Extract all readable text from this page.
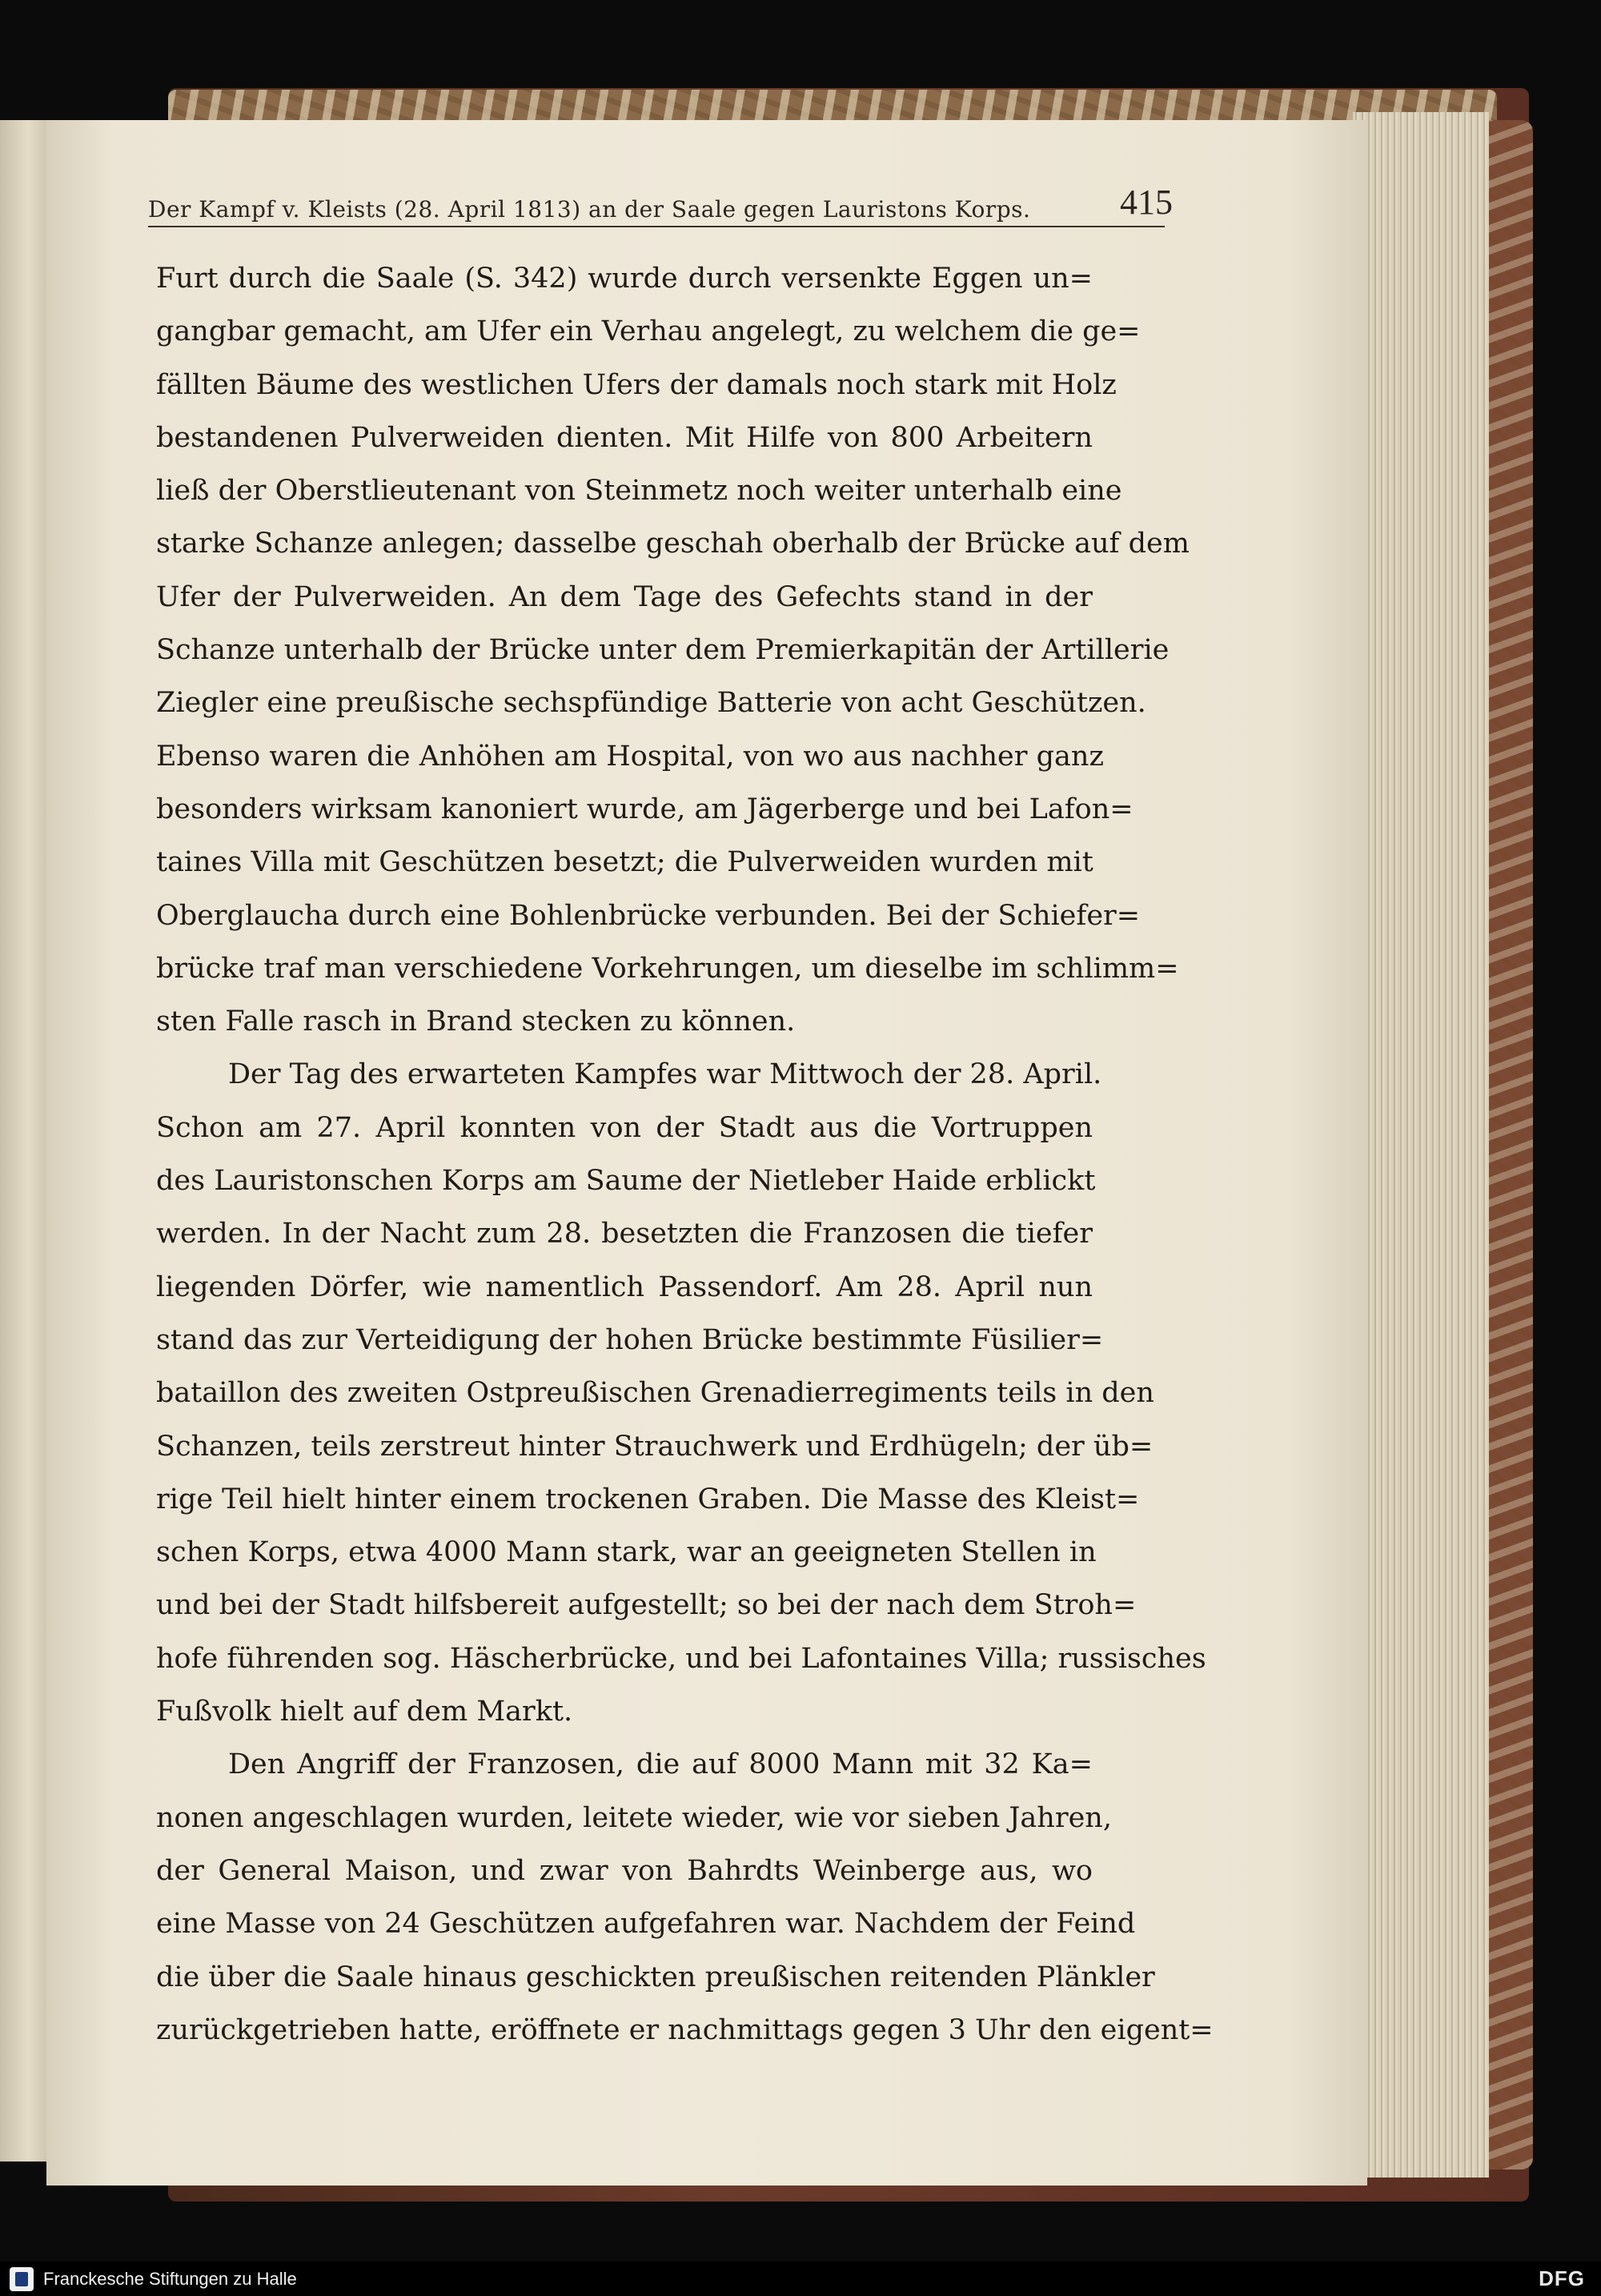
Der Kampf v. Kleists (28. April 1813) an der Saale gegen Lauristons Korps.	415
Furt durch die Saale (S. 342) wurde durch versenkte Eggen un=
gangbar gemacht, am Ufer ein Verhau angelegt, zu welchem die ge=
fällten Bäume des westlichen Ufers der damals noch stark mit Holz
bestandenen Pulverweiden dienten. Mit Hilfe von 800 Arbeitern
ließ der Oberstlieutenant von Steinmetz noch weiter unterhalb eine
starke Schanze anlegen; dasselbe geschah oberhalb der Brücke auf dem
Ufer der Pulverweiden. An dem Tage des Gefechts stand in der
Schanze unterhalb der Brücke unter dem Premierkapitän der Artillerie
Ziegler eine preußische sechspfündige Batterie von acht Geschützen.
Ebenso waren die Anhöhen am Hospital, von wo aus nachher ganz
besonders wirksam kanoniert wurde, am Jägerberge und bei Lafon=
taines Villa mit Geschützen besetzt; die Pulverweiden wurden mit
Oberglaucha durch eine Bohlenbrücke verbunden. Bei der Schiefer=
brücke traf man verschiedene Vorkehrungen, um dieselbe im schlimm=
sten Falle rasch in Brand stecken zu können.
Der Tag des erwarteten Kampfes war Mittwoch der 28. April.
Schon am 27. April konnten von der Stadt aus die Vortruppen
des Lauristonschen Korps am Saume der Nietleber Haide erblickt
werden. In der Nacht zum 28. besetzten die Franzosen die tiefer
liegenden Dörfer, wie namentlich Passendorf. Am 28. April nun
stand das zur Verteidigung der hohen Brücke bestimmte Füsilier=
bataillon des zweiten Ostpreußischen Grenadierregiments teils in den
Schanzen, teils zerstreut hinter Strauchwerk und Erdhügeln; der üb=
rige Teil hielt hinter einem trockenen Graben. Die Masse des Kleist=
schen Korps, etwa 4000 Mann stark, war an geeigneten Stellen in
und bei der Stadt hilfsbereit aufgestellt; so bei der nach dem Stroh=
hofe führenden sog. Häscherbrücke, und bei Lafontaines Villa; russisches
Fußvolk hielt auf dem Markt.
Den Angriff der Franzosen, die auf 8000 Mann mit 32 Ka=
nonen angeschlagen wurden, leitete wieder, wie vor sieben Jahren,
der General Maison, und zwar von Bahrdts Weinberge aus, wo
eine Masse von 24 Geschützen aufgefahren war. Nachdem der Feind
die über die Saale hinaus geschickten preußischen reitenden Plänkler
zurückgetrieben hatte, eröffnete er nachmittags gegen 3 Uhr den eigent=
Franckesche Stiftungen zu Halle	DFG
